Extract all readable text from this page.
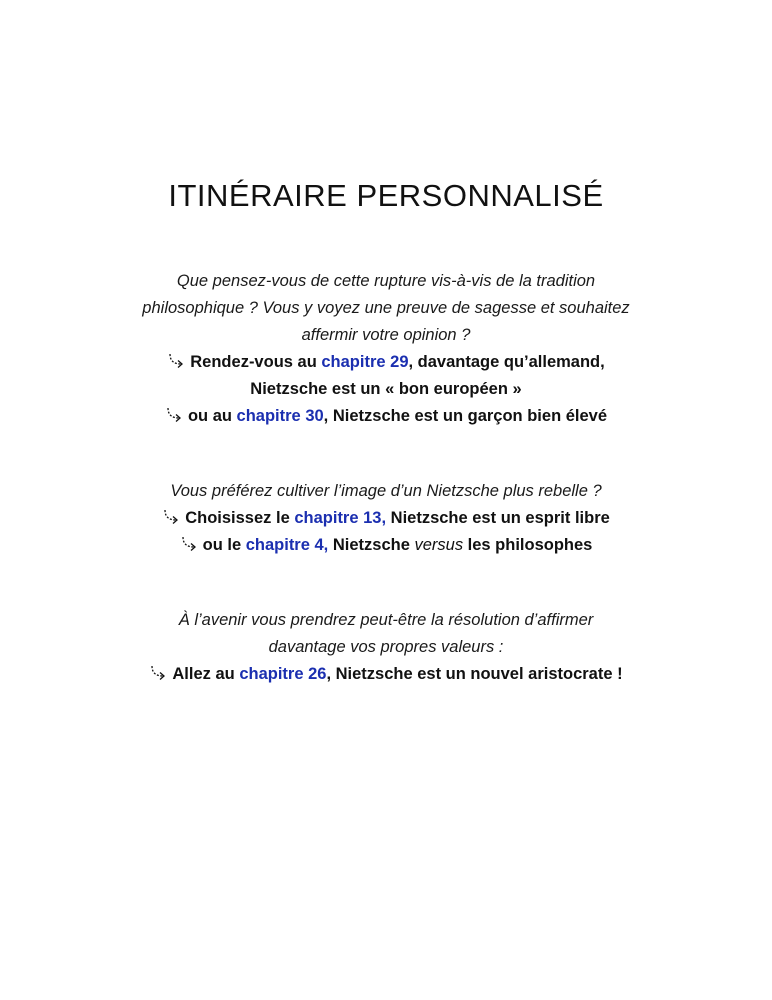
ITINÉRAIRE PERSONNALISÉ

Que pensez-vous de cette rupture vis-à-vis de la tradition

philosophique ? Vous y voyez une preuve de sagesse et souhaitez

affermir votre opinion ?

Rendez-vous au chapitre 29, davantage qu’allemand,

Nietzsche est un « bon européen »

ou au chapitre 30, Nietzsche est un garçon bien élevé

Vous préférez cultiver l’image d’un Nietzsche plus rebelle ?

Choisissez le chapitre 13, Nietzsche est un esprit libre

ou le chapitre 4, Nietzsche versus les philosophes

À l’avenir vous prendrez peut-être la résolution d’affirmer

davantage vos propres valeurs :

Allez au chapitre 26, Nietzsche est un nouvel aristocrate !
